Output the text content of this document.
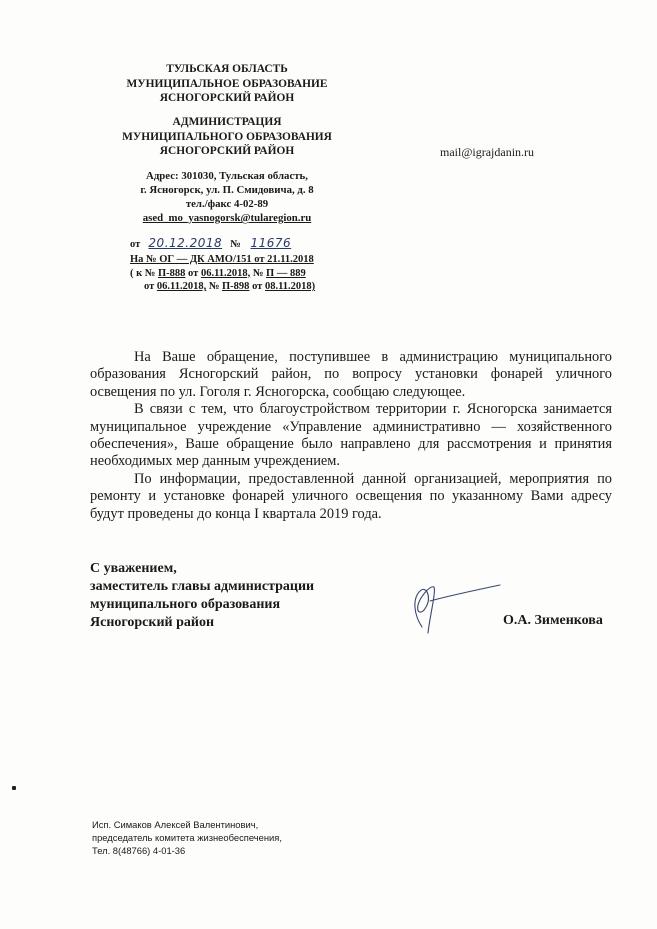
ТУЛЬСКАЯ ОБЛАСТЬ
МУНИЦИПАЛЬНОЕ ОБРАЗОВАНИЕ
ЯСНОГОРСКИЙ РАЙОН
АДМИНИСТРАЦИЯ
МУНИЦИПАЛЬНОГО ОБРАЗОВАНИЯ
ЯСНОГОРСКИЙ РАЙОН	mail@igrajdanin.ru
Адрес: 301030, Тульская область,
г. Ясногорск, ул. П. Смидовича, д. 8
тел./факс 4-02-89
ased_mo_yasnogorsk@tularegion.ru
от 20.12.2018 № 11676
На № ОГ — ДК АМО/151 от 21.11.2018
( к № П-888 от 06.11.2018, № П — 889
от 06.11.2018, № П-898 от 08.11.2018)

На Ваше обращение, поступившее в администрацию муниципального образования Ясногорский район, по вопросу установки фонарей уличного освещения по ул. Гоголя г. Ясногорска, сообщаю следующее.

В связи с тем, что благоустройством территории г. Ясногорска занимается муниципальное учреждение «Управление административно — хозяйственного обеспечения», Ваше обращение было направлено для рассмотрения и принятия необходимых мер данным учреждением.

По информации, предоставленной данной организацией, мероприятия по ремонту и установке фонарей уличного освещения по указанному Вами адресу будут проведены до конца I квартала 2019 года.

С уважением,
заместитель главы администрации
муниципального образования
Ясногорский район	О.А. Зименкова
Исп. Симаков Алексей Валентинович,
председатель комитета жизнеобеспечения,
Тел. 8(48766) 4-01-36
